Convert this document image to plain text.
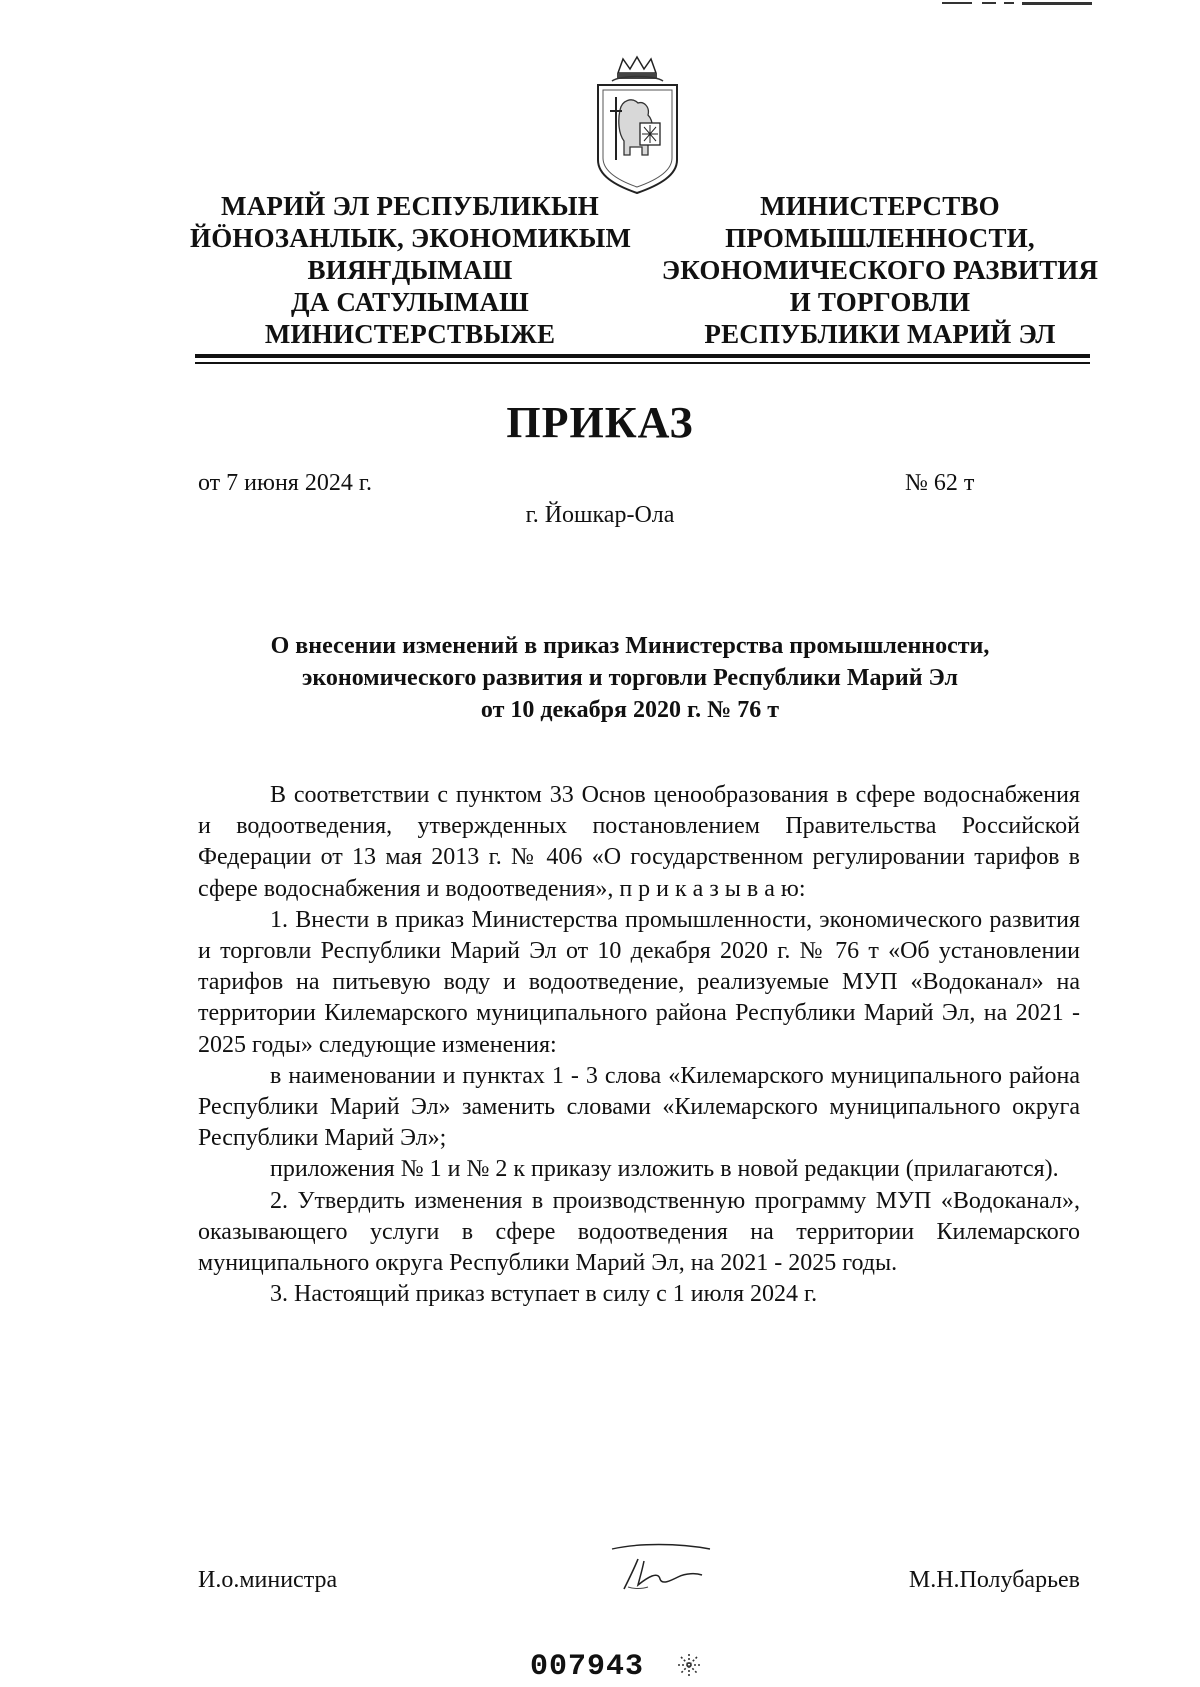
МАРИЙ ЭЛ РЕСПУБЛИКЫН
ЙӦНОЗАНЛЫК, ЭКОНОМИКЫМ
ВИЯҤДЫМАШ
ДА САТУЛЫМАШ
МИНИСТЕРСТВЫЖЕ
МИНИСТЕРСТВО
ПРОМЫШЛЕННОСТИ,
ЭКОНОМИЧЕСКОГО РАЗВИТИЯ
И ТОРГОВЛИ
РЕСПУБЛИКИ МАРИЙ ЭЛ
ПРИКАЗ
от 7 июня 2024 г.	№ 62 т
г. Йошкар-Ола
О внесении изменений в приказ Министерства промышленности,
экономического развития и торговли Республики Марий Эл
от 10 декабря 2020 г. № 76 т

В соответствии с пунктом 33 Основ ценообразования в сфере водоснабжения и водоотведения, утвержденных постановлением Правительства Российской Федерации от 13 мая 2013 г. № 406 «О государственном регулировании тарифов в сфере водоснабжения и водоотведения», п р и к а з ы в а ю:

1. Внести в приказ Министерства промышленности, экономического развития и торговли Республики Марий Эл от 10 декабря 2020 г. № 76 т «Об установлении тарифов на питьевую воду и водоотведение, реализуемые МУП «Водоканал» на территории Килемарского муниципального района Республики Марий Эл, на 2021 - 2025 годы» следующие изменения:

в наименовании и пунктах 1 - 3 слова «Килемарского муниципального района Республики Марий Эл» заменить словами «Килемарского муниципального округа Республики Марий Эл»;

приложения № 1 и № 2 к приказу изложить в новой редакции (прилагаются).

2. Утвердить изменения в производственную программу МУП «Водоканал», оказывающего услуги в сфере водоотведения на территории Килемарского муниципального округа Республики Марий Эл, на 2021 - 2025 годы.

3. Настоящий приказ вступает в силу с 1 июля 2024 г.

И.о.министра	М.Н.Полубарьев
007943
